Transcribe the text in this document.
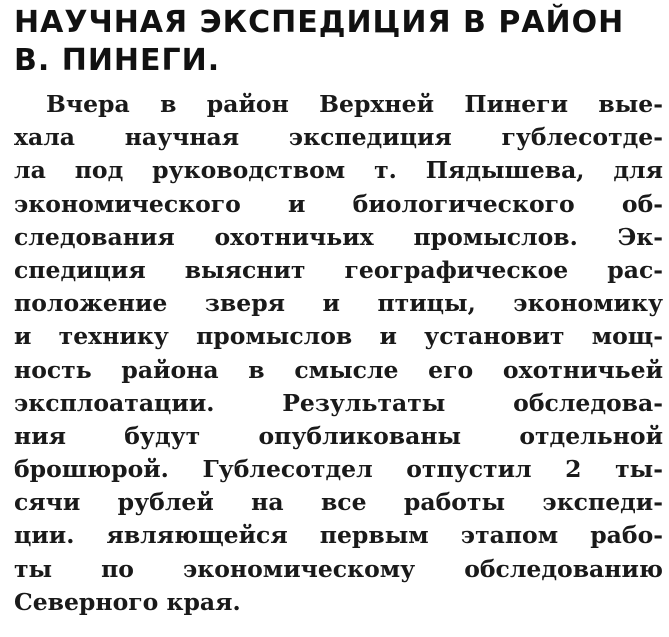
НАУЧНАЯ ЭКСПЕДИЦИЯ В РАЙОН
В. ПИНЕГИ.
Вчера в район Верхней Пинеги вые-
хала научная экспедиция гублесотде-
ла под руководством т. Пядышева, для
экономического и биологического об-
следования охотничьих промыслов. Эк-
спедиция выяснит географическое рас-
положение зверя и птицы, экономику
и технику промыслов и установит мощ-
ность района в смысле его охотничьей
эксплоатации. Результаты обследова-
ния будут опубликованы отдельной
брошюрой. Гублесотдел отпустил 2 ты-
сячи рублей на все работы экспеди-
ции. являющейся первым этапом рабо-
ты по экономическому обследованию
Северного края.
